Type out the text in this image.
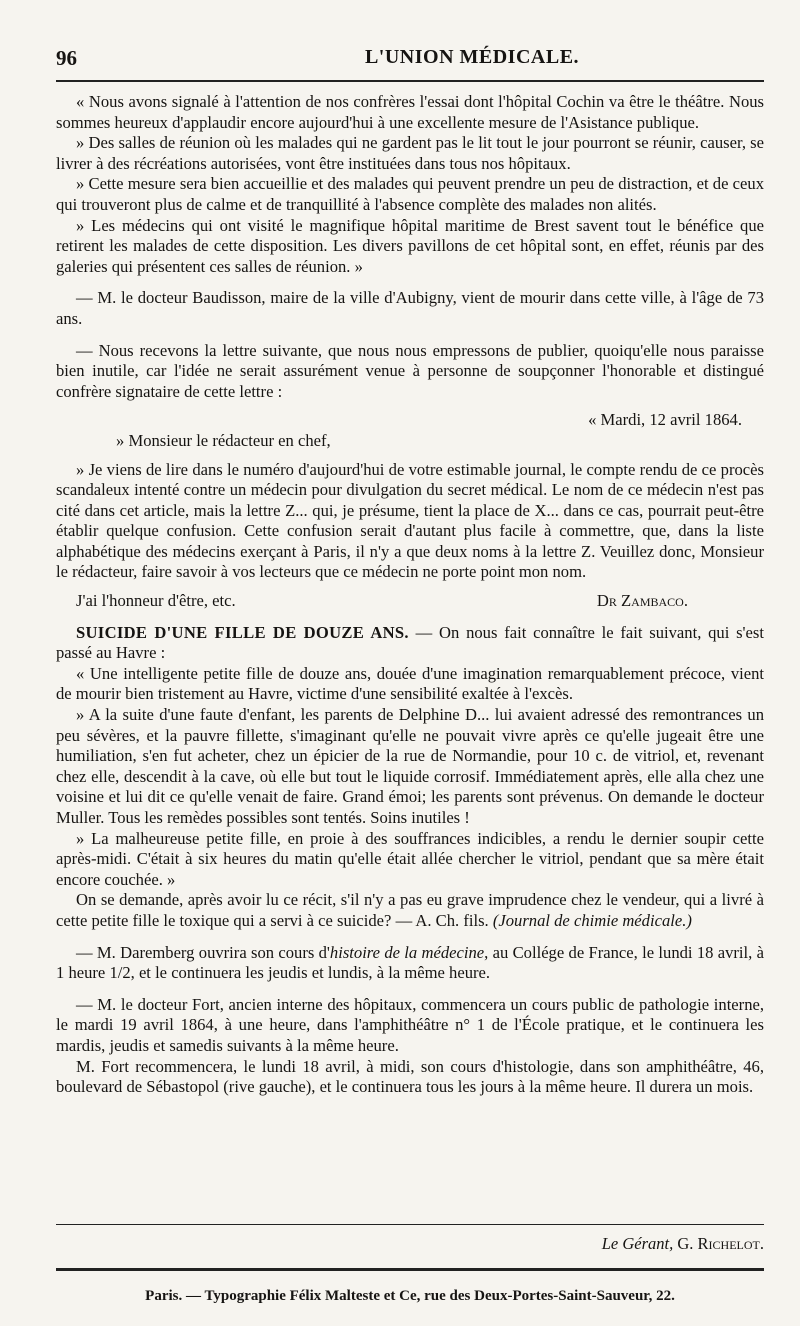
96	L'UNION MÉDICALE.

« Nous avons signalé à l'attention de nos confrères l'essai dont l'hôpital Cochin va être le théâtre. Nous sommes heureux d'applaudir encore aujourd'hui à une excellente mesure de l'Asistance publique.

» Des salles de réunion où les malades qui ne gardent pas le lit tout le jour pourront se réunir, causer, se livrer à des récréations autorisées, vont être instituées dans tous nos hôpitaux.

» Cette mesure sera bien accueillie et des malades qui peuvent prendre un peu de distraction, et de ceux qui trouveront plus de calme et de tranquillité à l'absence complète des malades non alités.

» Les médecins qui ont visité le magnifique hôpital maritime de Brest savent tout le bénéfice que retirent les malades de cette disposition. Les divers pavillons de cet hôpital sont, en effet, réunis par des galeries qui présentent ces salles de réunion. »

— M. le docteur Baudisson, maire de la ville d'Aubigny, vient de mourir dans cette ville, à l'âge de 73 ans.

— Nous recevons la lettre suivante, que nous nous empressons de publier, quoiqu'elle nous paraisse bien inutile, car l'idée ne serait assurément venue à personne de soupçonner l'honorable et distingué confrère signataire de cette lettre :

« Mardi, 12 avril 1864.

» Monsieur le rédacteur en chef,

» Je viens de lire dans le numéro d'aujourd'hui de votre estimable journal, le compte rendu de ce procès scandaleux intenté contre un médecin pour divulgation du secret médical. Le nom de ce médecin n'est pas cité dans cet article, mais la lettre Z... qui, je présume, tient la place de X... dans ce cas, pourrait peut-être établir quelque confusion. Cette confusion serait d'autant plus facile à commettre, que, dans la liste alphabétique des médecins exerçant à Paris, il n'y a que deux noms à la lettre Z. Veuillez donc, Monsieur le rédacteur, faire savoir à vos lecteurs que ce médecin ne porte point mon nom.

J'ai l'honneur d'être, etc.	Dr Zambaco.

SUICIDE D'UNE FILLE DE DOUZE ANS. — On nous fait connaître le fait suivant, qui s'est passé au Havre :

« Une intelligente petite fille de douze ans, douée d'une imagination remarquablement précoce, vient de mourir bien tristement au Havre, victime d'une sensibilité exaltée à l'excès.

» A la suite d'une faute d'enfant, les parents de Delphine D... lui avaient adressé des remontrances un peu sévères, et la pauvre fillette, s'imaginant qu'elle ne pouvait vivre après ce qu'elle jugeait être une humiliation, s'en fut acheter, chez un épicier de la rue de Normandie, pour 10 c. de vitriol, et, revenant chez elle, descendit à la cave, où elle but tout le liquide corrosif. Immédiatement après, elle alla chez une voisine et lui dit ce qu'elle venait de faire. Grand émoi; les parents sont prévenus. On demande le docteur Muller. Tous les remèdes possibles sont tentés. Soins inutiles !

» La malheureuse petite fille, en proie à des souffrances indicibles, a rendu le dernier soupir cette après-midi. C'était à six heures du matin qu'elle était allée chercher le vitriol, pendant que sa mère était encore couchée. »

On se demande, après avoir lu ce récit, s'il n'y a pas eu grave imprudence chez le vendeur, qui a livré à cette petite fille le toxique qui a servi à ce suicide? — A. Ch. fils. (Journal de chimie médicale.)

— M. Daremberg ouvrira son cours d'histoire de la médecine, au Collége de France, le lundi 18 avril, à 1 heure 1/2, et le continuera les jeudis et lundis, à la même heure.

— M. le docteur Fort, ancien interne des hôpitaux, commencera un cours public de pathologie interne, le mardi 19 avril 1864, à une heure, dans l'amphithéâtre n° 1 de l'École pratique, et le continuera les mardis, jeudis et samedis suivants à la même heure.

M. Fort recommencera, le lundi 18 avril, à midi, son cours d'histologie, dans son amphithéâtre, 46, boulevard de Sébastopol (rive gauche), et le continuera tous les jours à la même heure. Il durera un mois.

Le Gérant, G. Richelot.
Paris. — Typographie Félix Malteste et Ce, rue des Deux-Portes-Saint-Sauveur, 22.
